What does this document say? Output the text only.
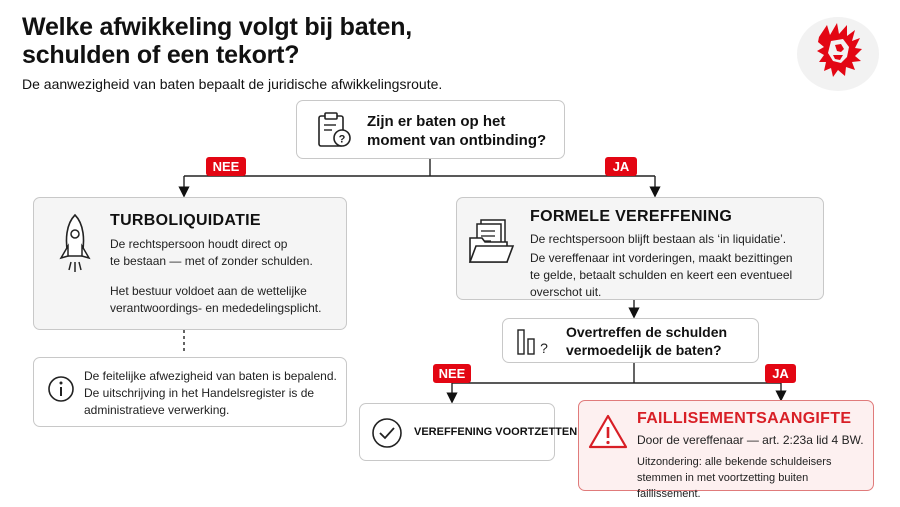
Welke afwikkeling volgt bij baten,
schulden of een tekort?
De aanwezigheid van baten bepaalt de juridische afwikkelingsroute.
?
Zijn er baten op het
moment van ontbinding?
NEE	JA
TURBOLIQUIDATIE
De rechtspersoon houdt direct op
te bestaan — met of zonder schulden.
Het bestuur voldoet aan de wettelijke
verantwoordings- en mededelingsplicht.
De feitelijke afwezigheid van baten is bepalend.
De uitschrijving in het Handelsregister is de
administratieve verwerking.
FORMELE VEREFFENING
De rechtspersoon blijft bestaan als ‘in liquidatie’.
De vereffenaar int vorderingen, maakt bezittingen
te gelde, betaalt schulden en keert een eventueel
overschot uit.
?
Overtreffen de schulden
vermoedelijk de baten?
NEE	JA
VEREFFENING VOORTZETTEN
FAILLISEMENTSAANGIFTE
Door de vereffenaar — art. 2:23a lid 4 BW.
Uitzondering: alle bekende schuldeisers
stemmen in met voortzetting buiten faillissement.
